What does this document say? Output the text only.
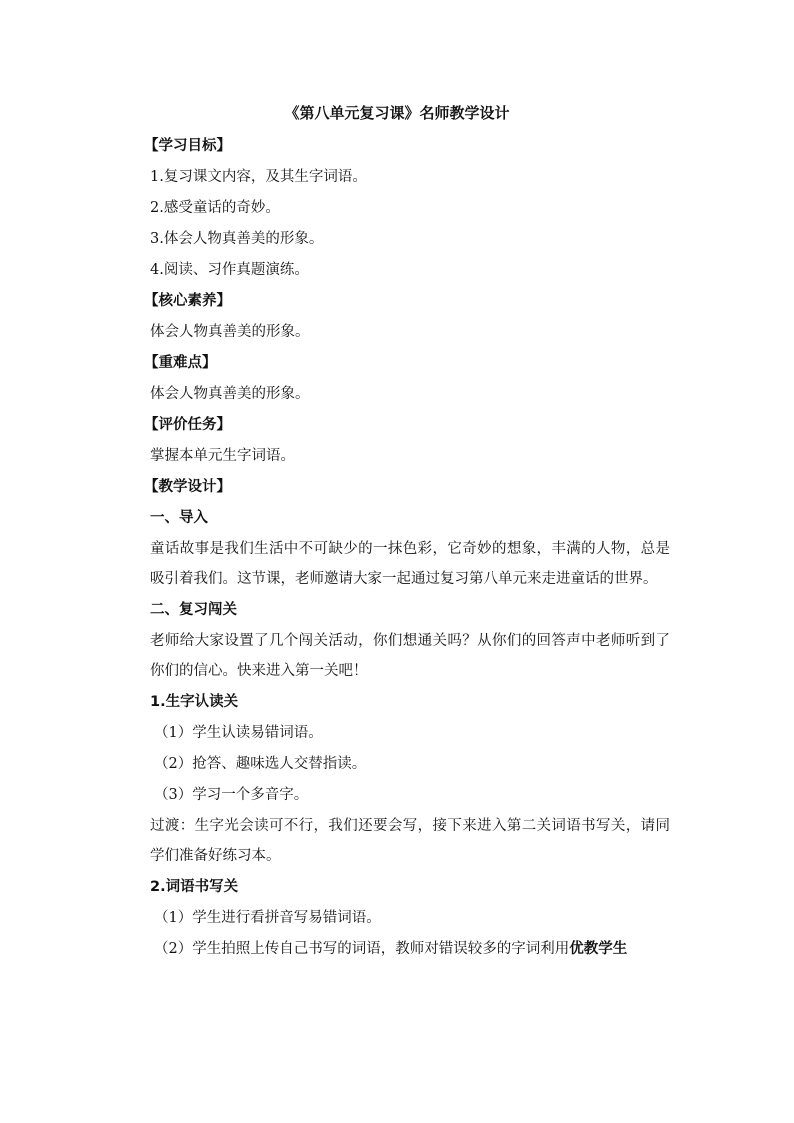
《第八单元复习课》名师教学设计
【学习目标】
1.复习课文内容，及其生字词语。
2.感受童话的奇妙。
3.体会人物真善美的形象。
4.阅读、习作真题演练。
【核心素养】
体会人物真善美的形象。
【重难点】
体会人物真善美的形象。
【评价任务】
掌握本单元生字词语。
【教学设计】
一、导入

童话故事是我们生活中不可缺少的一抹色彩，它奇妙的想象，丰满的人物，总是吸引着我们。这节课，老师邀请大家一起通过复习第八单元来走进童话的世界。

二、复习闯关

老师给大家设置了几个闯关活动，你们想通关吗？从你们的回答声中老师听到了你们的信心。快来进入第一关吧！

1.生字认读关
（1）学生认读易错词语。
（2）抢答、趣味选人交替指读。
（3）学习一个多音字。

过渡：生字光会读可不行，我们还要会写，接下来进入第二关词语书写关，请同学们准备好练习本。

2.词语书写关
（1）学生进行看拼音写易错词语。
（2）学生拍照上传自己书写的词语，教师对错误较多的字词利用优教学生
